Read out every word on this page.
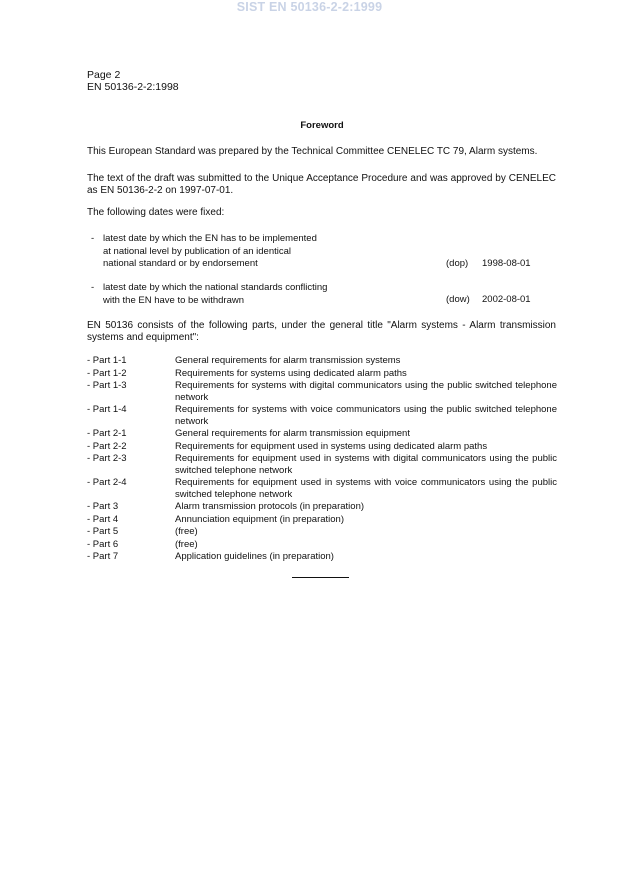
SIST EN 50136-2-2:1999
Page 2
EN 50136-2-2:1998
Foreword
This European Standard was prepared by the Technical Committee CENELEC TC 79, Alarm systems.
The text of the draft was submitted to the Unique Acceptance Procedure and was approved by CENELEC as EN 50136-2-2 on 1997-07-01.
The following dates were fixed:
- latest date by which the EN has to be implemented
at national level by publication of an identical
national standard or by endorsement	(dop) 1998-08-01
- latest date by which the national standards conflicting
with the EN have to be withdrawn	(dow) 2002-08-01
EN 50136 consists of the following parts, under the general title "Alarm systems - Alarm transmission systems and equipment":
- Part 1-1	General requirements for alarm transmission systems
- Part 1-2	Requirements for systems using dedicated alarm paths
- Part 1-3	Requirements for systems with digital communicators using the public switched telephone network
- Part 1-4	Requirements for systems with voice communicators using the public switched telephone network
- Part 2-1	General requirements for alarm transmission equipment
- Part 2-2	Requirements for equipment used in systems using dedicated alarm paths
- Part 2-3	Requirements for equipment used in systems with digital communicators using the public switched telephone network
- Part 2-4	Requirements for equipment used in systems with voice communicators using the public switched telephone network
- Part 3	Alarm transmission protocols (in preparation)
- Part 4	Annunciation equipment (in preparation)
- Part 5	(free)
- Part 6	(free)
- Part 7	Application guidelines (in preparation)
